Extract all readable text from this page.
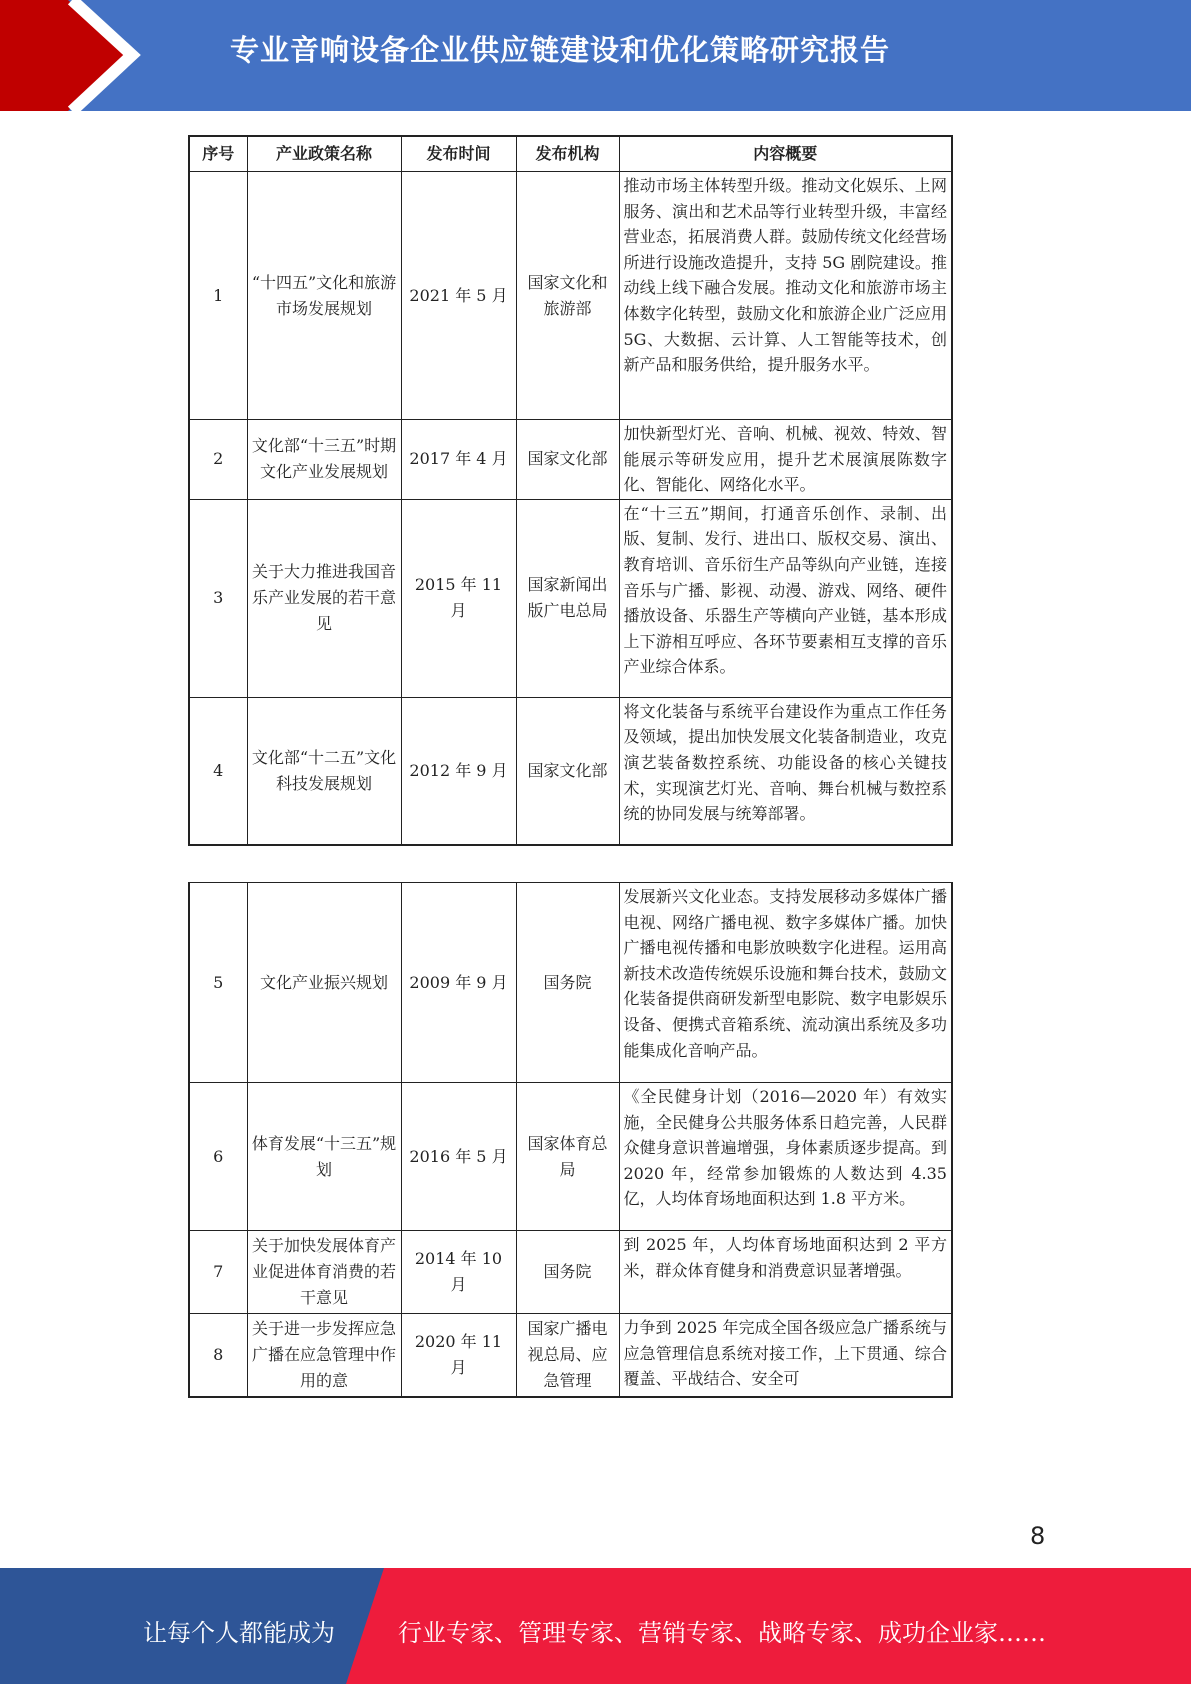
专业音响设备企业供应链建设和优化策略研究报告
序号	产业政策名称	发布时间	发布机构	内容概要
1	“十四五”文化和旅游市场发展规划	2021 年 5 月	国家文化和旅游部	推动市场主体转型升级。推动文化娱乐、上网服务、演出和艺术品等行业转型升级，丰富经营业态，拓展消费人群。鼓励传统文化经营场所进行设施改造提升，支持 5G 剧院建设。推动线上线下融合发展。推动文化和旅游市场主体数字化转型，鼓励文化和旅游企业广泛应用 5G、大数据、云计算、人工智能等技术，创新产品和服务供给，提升服务水平。
2	文化部“十三五”时期文化产业发展规划	2017 年 4 月	国家文化部	加快新型灯光、音响、机械、视效、特效、智能展示等研发应用，提升艺术展演展陈数字化、智能化、网络化水平。
3	关于大力推进我国音乐产业发展的若干意见	2015 年 11 月	国家新闻出版广电总局	在“十三五”期间，打通音乐创作、录制、出版、复制、发行、进出口、版权交易、演出、教育培训、音乐衍生产品等纵向产业链，连接音乐与广播、影视、动漫、游戏、网络、硬件播放设备、乐器生产等横向产业链，基本形成上下游相互呼应、各环节要素相互支撑的音乐产业综合体系。
4	文化部“十二五”文化科技发展规划	2012 年 9 月	国家文化部	将文化装备与系统平台建设作为重点工作任务及领域，提出加快发展文化装备制造业，攻克演艺装备数控系统、功能设备的核心关键技术，实现演艺灯光、音响、舞台机械与数控系统的协同发展与统筹部署。
5	文化产业振兴规划	2009 年 9 月	国务院	发展新兴文化业态。支持发展移动多媒体广播电视、网络广播电视、数字多媒体广播。加快广播电视传播和电影放映数字化进程。运用高新技术改造传统娱乐设施和舞台技术，鼓励文化装备提供商研发新型电影院、数字电影娱乐设备、便携式音箱系统、流动演出系统及多功能集成化音响产品。
6	体育发展“十三五”规划	2016 年 5 月	国家体育总局	《全民健身计划（2016—2020 年）有效实施，全民健身公共服务体系日趋完善，人民群众健身意识普遍增强，身体素质逐步提高。到 2020 年，经常参加锻炼的人数达到 4.35 亿，人均体育场地面积达到 1.8 平方米。
7	关于加快发展体育产业促进体育消费的若干意见	2014 年 10 月	国务院	到 2025 年，人均体育场地面积达到 2 平方米，群众体育健身和消费意识显著增强。
8	关于进一步发挥应急广播在应急管理中作用的意	2020 年 11 月	国家广播电视总局、应急管理	力争到 2025 年完成全国各级应急广播系统与应急管理信息系统对接工作，上下贯通、综合覆盖、平战结合、安全可
8
让每个人都能成为	行业专家、管理专家、营销专家、战略专家、成功企业家……
